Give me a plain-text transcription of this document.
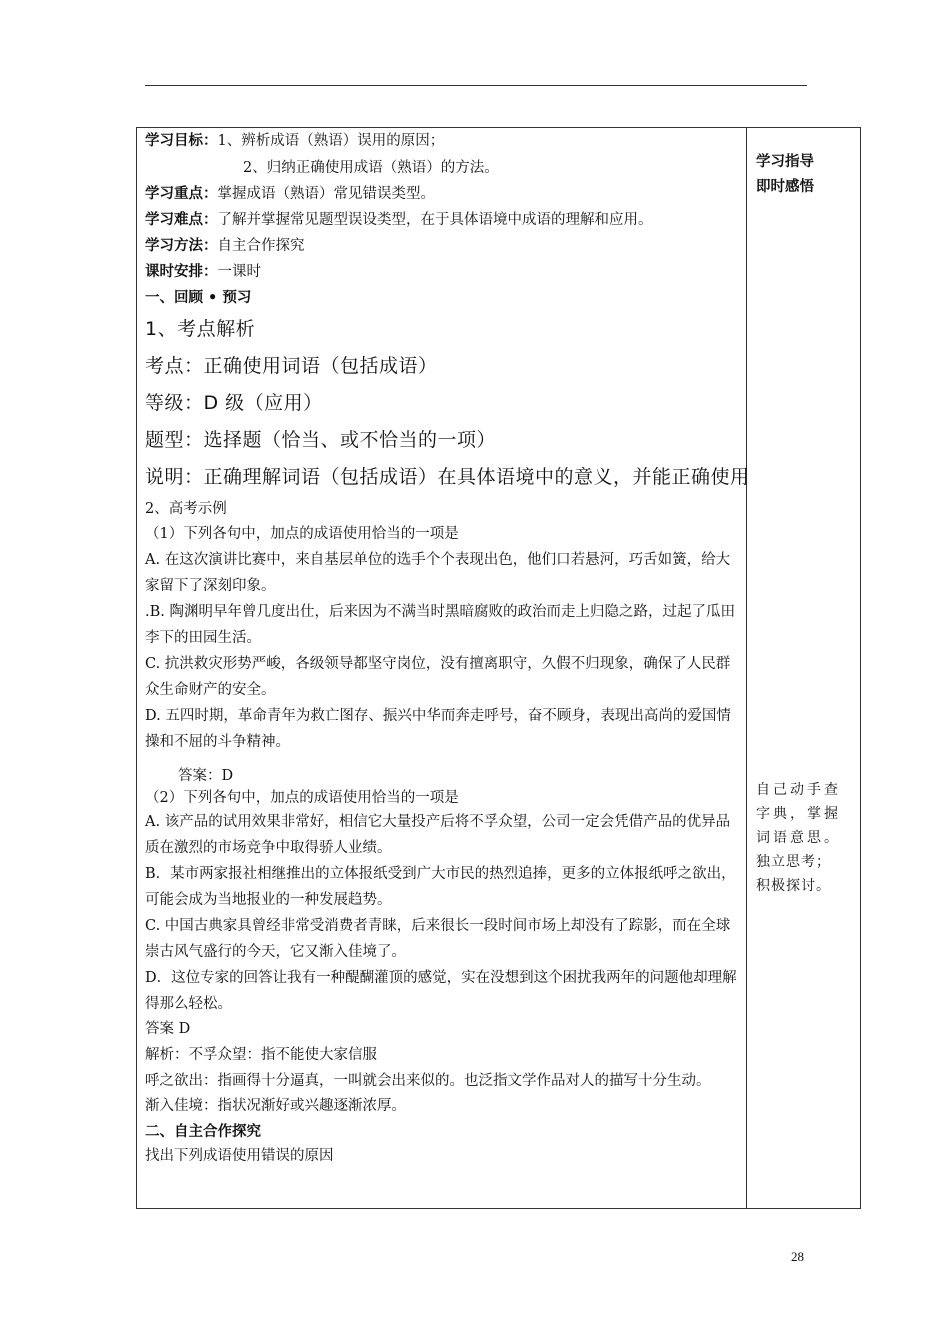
学习目标：1、辨析成语（熟语）误用的原因；
2、归纳正确使用成语（熟语）的方法。
学习重点：掌握成语（熟语）常见错误类型。
学习难点：了解并掌握常见题型误设类型，在于具体语境中成语的理解和应用。
学习方法：自主合作探究
课时安排：一课时
一、回顾 • 预习
1、考点解析
考点：正确使用词语（包括成语）
等级：D 级（应用）
题型：选择题（恰当、或不恰当的一项）
说明：正确理解词语（包括成语）在具体语境中的意义，并能正确使用
2、高考示例
（1）下列各句中，加点的成语使用恰当的一项是
A. 在这次演讲比赛中，来自基层单位的选手个个表现出色，他们口若悬河，巧舌如簧，给大家留下了深刻印象。
.B. 陶渊明早年曾几度出仕，后来因为不满当时黑暗腐败的政治而走上归隐之路，过起了瓜田李下的田园生活。
C. 抗洪救灾形势严峻，各级领导都坚守岗位，没有擅离职守，久假不归现象，确保了人民群众生命财产的安全。
D. 五四时期，革命青年为救亡图存、振兴中华而奔走呼号，奋不顾身，表现出高尚的爱国情操和不屈的斗争精神。
答案：D
（2）下列各句中，加点的成语使用恰当的一项是
A. 该产品的试用效果非常好，相信它大量投产后将不孚众望，公司一定会凭借产品的优异品质在激烈的市场竞争中取得骄人业绩。
B．某市两家报社相继推出的立体报纸受到广大市民的热烈追捧，更多的立体报纸呼之欲出，可能会成为当地报业的一种发展趋势。
C. 中国古典家具曾经非常受消费者青睐，后来很长一段时间市场上却没有了踪影，而在全球崇古风气盛行的今天，它又渐入佳境了。
D．这位专家的回答让我有一种醍醐灌顶的感觉，实在没想到这个困扰我两年的问题他却理解得那么轻松。
答案 D
解析：不孚众望：指不能使大家信服
呼之欲出：指画得十分逼真，一叫就会出来似的。也泛指文学作品对人的描写十分生动。
渐入佳境：指状况渐好或兴趣逐渐浓厚。
二、自主合作探究
找出下列成语使用错误的原因
学习指导
即时感悟
自己动手查字典，掌握词语意思。
独立思考；
积极探讨。
28
